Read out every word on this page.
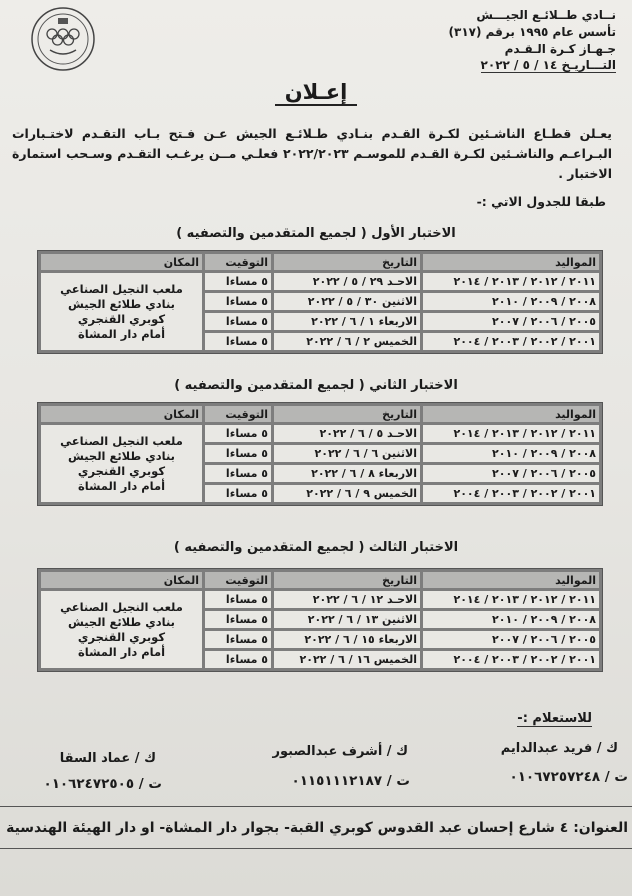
نــادي طــلائـع الجيـــش
تأسس عام ١٩٩٥ برقم (٣١٧)
جـهـاز كـرة الـقـدم
التـــاريـخ ١٤ / ٥ / ٢٠٢٢
إعـلان
يعـلن قطـاع الناشـئين لكـرة القـدم بنـادي طـلائـع الجيش عـن فـتح بـاب التقـدم لاختـبارات البـراعـم والناشـئين لكـرة القـدم للموسـم ٢٠٢٢/٢٠٢٣ فعلـي مــن يرغـب التقـدم وسـحب استمارة الاختبار .
طبقا للجدول الاتي :-
الاختبار الأول ( لجميع المتقدمين والتصفيه )
المواليد	التاريخ	التوقيت	المكان
٢٠١١ / ٢٠١٢ / ٢٠١٣ / ٢٠١٤	الاحـد ٢٩ / ٥ / ٢٠٢٢	٥ مساءا	ملعب النجيل الصناعي
بنادي طلائع الجيش
كوبري القنجري
أمام دار المشاة

٢٠٠٨ / ٢٠٠٩ / ٢٠١٠	الاثنين ٣٠ / ٥ / ٢٠٢٢	٥ مساءا	
٢٠٠٥ / ٢٠٠٦ / ٢٠٠٧	الاربعاء ١ / ٦ / ٢٠٢٢	٥ مساءا	
٢٠٠١ / ٢٠٠٢ / ٢٠٠٣ / ٢٠٠٤	الخميس ٢ / ٦ / ٢٠٢٢	٥ مساءا	
الاختبار الثاني ( لجميع المتقدمين والتصفيه )
المواليد	التاريخ	التوقيت	المكان
٢٠١١ / ٢٠١٢ / ٢٠١٣ / ٢٠١٤	الاحـد ٥ / ٦ / ٢٠٢٢	٥ مساءا	ملعب النجيل الصناعي
بنادي طلائع الجيش
كوبري القنجري
أمام دار المشاة

٢٠٠٨ / ٢٠٠٩ / ٢٠١٠	الاثنين ٦ / ٦ / ٢٠٢٢	٥ مساءا	
٢٠٠٥ / ٢٠٠٦ / ٢٠٠٧	الاربعاء ٨ / ٦ / ٢٠٢٢	٥ مساءا	
٢٠٠١ / ٢٠٠٢ / ٢٠٠٣ / ٢٠٠٤	الخميس ٩ / ٦ / ٢٠٢٢	٥ مساءا	
الاختبار الثالث ( لجميع المتقدمين والتصفيه )
المواليد	التاريخ	التوقيت	المكان
٢٠١١ / ٢٠١٢ / ٢٠١٣ / ٢٠١٤	الاحـد ١٢ / ٦ / ٢٠٢٢	٥ مساءا	ملعب النجيل الصناعي
بنادي طلائع الجيش
كوبري القنجري
أمام دار المشاة

٢٠٠٨ / ٢٠٠٩ / ٢٠١٠	الاثنين ١٣ / ٦ / ٢٠٢٢	٥ مساءا	
٢٠٠٥ / ٢٠٠٦ / ٢٠٠٧	الاربعاء ١٥ / ٦ / ٢٠٢٢	٥ مساءا	
٢٠٠١ / ٢٠٠٢ / ٢٠٠٣ / ٢٠٠٤	الخميس ١٦ / ٦ / ٢٠٢٢	٥ مساءا	
للاستعلام :-
ك / فريد عبدالدايم
ت / ٠١٠٦٧٢٥٧٢٤٨
ك / أشرف عبدالصبور
ت / ٠١١٥١١١٢١٨٧
ك / عماد السقا
ت / ٠١٠٦٢٤٧٢٥٠٥
العنوان: ٤ شارع إحسان عبد القدوس كوبري القبة- بجوار دار المشاة- او دار الهيئة الهندسية
